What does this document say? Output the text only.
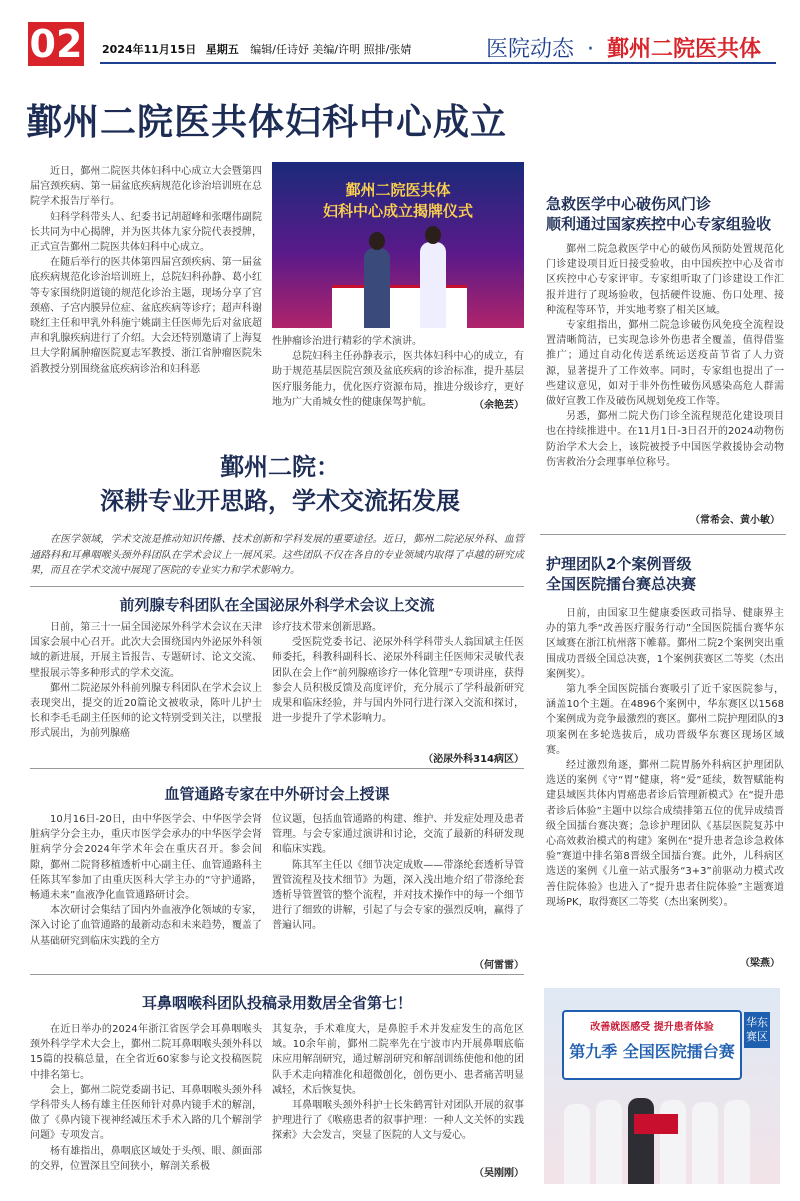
02 2024年11月15日 星期五 编辑/任诗妤 美编/许明 照排/张婧	医院动态 · 鄞州二院医共体
鄞州二院医共体妇科中心成立

近日，鄞州二院医共体妇科中心成立大会暨第四届宫颈疾病、第一届盆底疾病规范化诊治培训班在总院学术报告厅举行。

妇科学科带头人、纪委书记胡超峰和张曙伟副院长共同为中心揭牌，并为医共体九家分院代表授牌，正式宣告鄞州二院医共体妇科中心成立。

在随后举行的医共体第四届宫颈疾病、第一届盆底疾病规范化诊治培训班上，总院妇科孙静、葛小红等专家围绕阴道镜的规范化诊治主题，现场分享了宫颈癌、子宫内膜异位症、盆底疾病等诊疗；超声科谢晓红主任和甲乳外科施宁姚副主任医师先后对盆底超声和乳腺疾病进行了介绍。大会还特别邀请了上海复旦大学附属肿瘤医院夏志军教授、浙江省肿瘤医院朱滔教授分别围绕盆底疾病诊治和妇科恶

鄞州二院医共体
妇科中心成立揭牌仪式

性肿瘤诊治进行精彩的学术演讲。

总院妇科主任孙静表示，医共体妇科中心的成立，有助于规范基层医院宫颈及盆底疾病的诊治标准，提升基层医疗服务能力，优化医疗资源布局，推进分级诊疗，更好地为广大甬城女性的健康保驾护航。	（余艳芸）
急救医学中心破伤风门诊
顺利通过国家疾控中心专家组验收

鄞州二院急救医学中心的破伤风预防处置规范化门诊建设项目近日接受验收，由中国疾控中心及省市区疾控中心专家评审。专家组听取了门诊建设工作汇报并进行了现场验收，包括硬件设施、伤口处理、接种流程等环节，并实地考察了相关区域。

专家组指出，鄞州二院急诊破伤风免疫全流程设置清晰简洁，已实现急诊外伤患者全覆盖，值得借鉴推广；通过自动化传送系统运送疫苗节省了人力资源，显著提升了工作效率。同时，专家组也提出了一些建议意见，如对于非外伤性破伤风感染高危人群需做好宣教工作及破伤风规划免疫工作等。

另悉，鄞州二院犬伤门诊全流程规范化建设项目也在持续推进中。在11月1日-3日召开的2024动物伤防治学术大会上，该院被授予中国医学救援协会动物伤害救治分会理事单位称号。

（常希会、黄小敏）
鄞州二院：
深耕专业开思路，学术交流拓发展
在医学领域，学术交流是推动知识传播、技术创新和学科发展的重要途径。近日，鄞州二院泌尿外科、血管通路科和耳鼻咽喉头颈外科团队在学术会议上一展风采。这些团队不仅在各自的专业领域内取得了卓越的研究成果，而且在学术交流中展现了医院的专业实力和学术影响力。
前列腺专科团队在全国泌尿外科学术会议上交流

日前，第三十一届全国泌尿外科学术会议在天津国家会展中心召开。此次大会围绕国内外泌尿外科领域的新进展，开展主旨报告、专题研讨、论文交流、壁报展示等多种形式的学术交流。

鄞州二院泌尿外科前列腺专科团队在学术会议上表现突出，提交的近20篇论文被收录，陈叶儿护士长和李毛毛副主任医师的论文特别受到关注，以壁报形式展出，为前列腺癌

诊疗技术带来创新思路。

受医院党委书记、泌尿外科学科带头人翁国斌主任医师委托，科教科副科长、泌尿外科副主任医师宋灵敏代表团队在会上作“前列腺癌诊疗一体化管理”专项讲座，获得参会人员积极反馈及高度评价，充分展示了学科最新研究成果和临床经验，并与国内外同行进行深入交流和探讨，进一步提升了学术影响力。

（泌尿外科314病区）
血管通路专家在中外研讨会上授课

10月16日-20日，由中华医学会、中华医学会肾脏病学分会主办，重庆市医学会承办的中华医学会肾脏病学分会2024年学术年会在重庆召开。参会间隙，鄞州二院肾移植透析中心副主任、血管通路科主任陈其军参加了由重庆医科大学主办的“守护通路，畅通未来”血液净化血管通路研讨会。

本次研讨会集结了国内外血液净化领域的专家，深入讨论了血管通路的最新动态和未来趋势，覆盖了从基础研究到临床实践的全方

位议题，包括血管通路的构建、维护、并发症处理及患者管理。与会专家通过演讲和讨论，交流了最新的科研发现和临床实践。

陈其军主任以《细节决定成败——带涤纶套透析导管置管流程及技术细节》为题，深入浅出地介绍了带涤纶套透析导管置管的整个流程，并对技术操作中的每一个细节进行了细致的讲解，引起了与会专家的强烈反响，赢得了普遍认同。

（何雷雷）
耳鼻咽喉科团队投稿录用数居全省第七！

在近日举办的2024年浙江省医学会耳鼻咽喉头颈外科学学术大会上，鄞州二院耳鼻咽喉头颈外科以15篇的投稿总量，在全省近60家参与论文投稿医院中排名第七。

会上，鄞州二院党委副书记、耳鼻咽喉头颈外科学科带头人杨有雄主任医师针对鼻内镜手术的解剖，做了《鼻内镜下视神经减压术手术入路的几个解剖学问题》专项发言。

杨有雄指出，鼻咽底区域处于头颅、眼、颜面部的交界，位置深且空间狭小，解剖关系极

其复杂，手术难度大，是鼻腔手术并发症发生的高危区域。10余年前，鄞州二院率先在宁波市内开展鼻咽底临床应用解剖研究，通过解剖研究和解剖训练使他和他的团队手术走向精准化和超微创化，创伤更小、患者痛苦明显减轻，术后恢复快。

耳鼻咽喉头颈外科护士长朱鹤霄针对团队开展的叙事护理进行了《喉癌患者的叙事护理：一种人文关怀的实践探索》大会发言，突显了医院的人文与爱心。

（吴刚刚）
护理团队2个案例晋级
全国医院擂台赛总决赛

日前，由国家卫生健康委医政司指导、健康界主办的第九季“改善医疗服务行动”全国医院擂台赛华东区域赛在浙江杭州落下帷幕。鄞州二院2个案例突出重围成功晋级全国总决赛，1个案例获赛区二等奖（杰出案例奖）。

第九季全国医院擂台赛吸引了近千家医院参与，涵盖10个主题。在4896个案例中，华东赛区以1568个案例成为竞争最激烈的赛区。鄞州二院护理团队的3项案例在多轮选拔后，成功晋级华东赛区现场区域赛。

经过激烈角逐，鄞州二院胃肠外科病区护理团队选送的案例《守“胃”健康，将“爱”延续，数智赋能构建县域医共体内胃癌患者诊后管理新模式》在“提升患者诊后体验”主题中以综合成绩排第五位的优异成绩晋级全国擂台赛决赛；急诊护理团队《基层医院复苏中心高效救治模式的构建》案例在“提升患者急诊急救体验”赛道中排名第8晋级全国擂台赛。此外，儿科病区选送的案例《儿童一站式服务“3+3”前驱动力模式改善住院体验》也进入了“提升患者住院体验”主题赛道现场PK，取得赛区二等奖（杰出案例奖）。

（梁燕）
改善就医感受 提升患者体验
第九季 全国医院擂台赛
华东赛区
